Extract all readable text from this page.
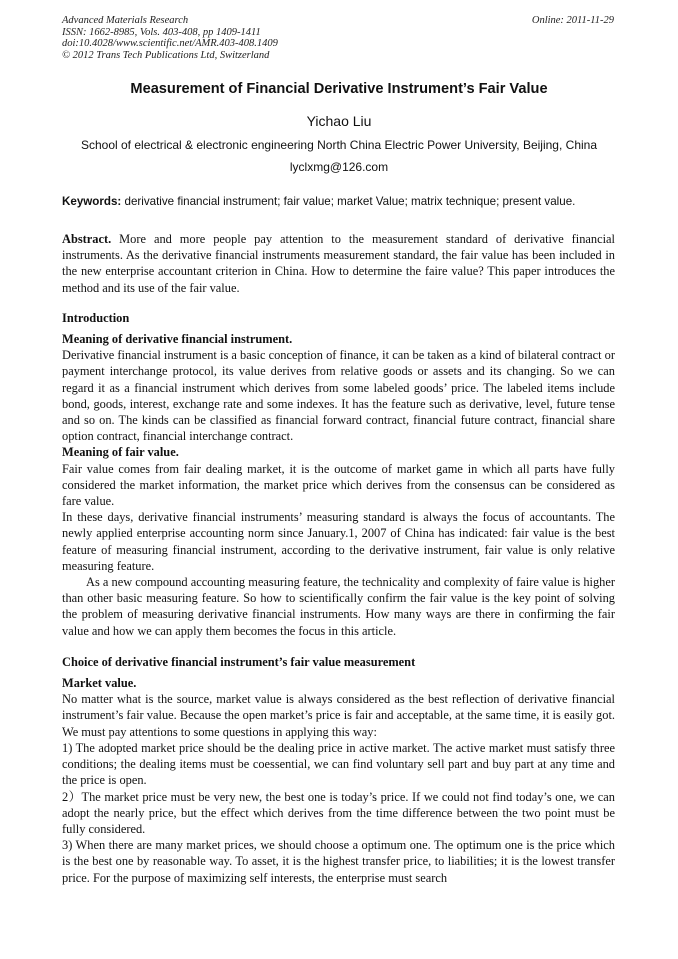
Advanced Materials Research
ISSN: 1662-8985, Vols. 403-408, pp 1409-1411
doi:10.4028/www.scientific.net/AMR.403-408.1409
© 2012 Trans Tech Publications Ltd, Switzerland
Online: 2011-11-29
Measurement of Financial Derivative Instrument’s Fair Value
Yichao Liu
School of electrical & electronic engineering North China Electric Power University, Beijing, China
lyclxmg@126.com
Keywords: derivative financial instrument; fair value; market Value; matrix technique; present value.

Abstract. More and more people pay attention to the measurement standard of derivative financial instruments. As the derivative financial instruments measurement standard, the fair value has been included in the new enterprise accountant criterion in China. How to determine the faire value? This paper introduces the method and its use of the fair value.

Introduction

Meaning of derivative financial instrument.

Derivative financial instrument is a basic conception of finance, it can be taken as a kind of bilateral contract or payment interchange protocol, its value derives from relative goods or assets and its changing. So we can regard it as a financial instrument which derives from some labeled goods’ price. The labeled items include bond, goods, interest, exchange rate and some indexes. It has the feature such as derivative, level, future tense and so on. The kinds can be classified as financial forward contract, financial future contract, financial share option contract, financial interchange contract.

Meaning of fair value.

Fair value comes from fair dealing market, it is the outcome of market game in which all parts have fully considered the market information, the market price which derives from the consensus can be considered as fare value.

In these days, derivative financial instruments’ measuring standard is always the focus of accountants. The newly applied enterprise accounting norm since January.1, 2007 of China has indicated: fair value is the best feature of measuring financial instrument, according to the derivative instrument, fair value is only relative measuring feature.

As a new compound accounting measuring feature, the technicality and complexity of faire value is higher than other basic measuring feature. So how to scientifically confirm the fair value is the key point of solving the problem of measuring derivative financial instruments. How many ways are there in confirming the fair value and how we can apply them becomes the focus in this article.

Choice of derivative financial instrument’s fair value measurement

Market value.

No matter what is the source, market value is always considered as the best reflection of derivative financial instrument’s fair value. Because the open market’s price is fair and acceptable, at the same time, it is easily got. We must pay attentions to some questions in applying this way:

1) The adopted market price should be the dealing price in active market. The active market must satisfy three conditions; the dealing items must be coessential, we can find voluntary sell part and buy part at any time and the price is open.

2）The market price must be very new, the best one is today’s price. If we could not find today’s one, we can adopt the nearly price, but the effect which derives from the time difference between the two point must be fully considered.

3) When there are many market prices, we should choose a optimum one. The optimum one is the price which is the best one by reasonable way. To asset, it is the highest transfer price, to liabilities; it is the lowest transfer price. For the purpose of maximizing self interests, the enterprise must search
